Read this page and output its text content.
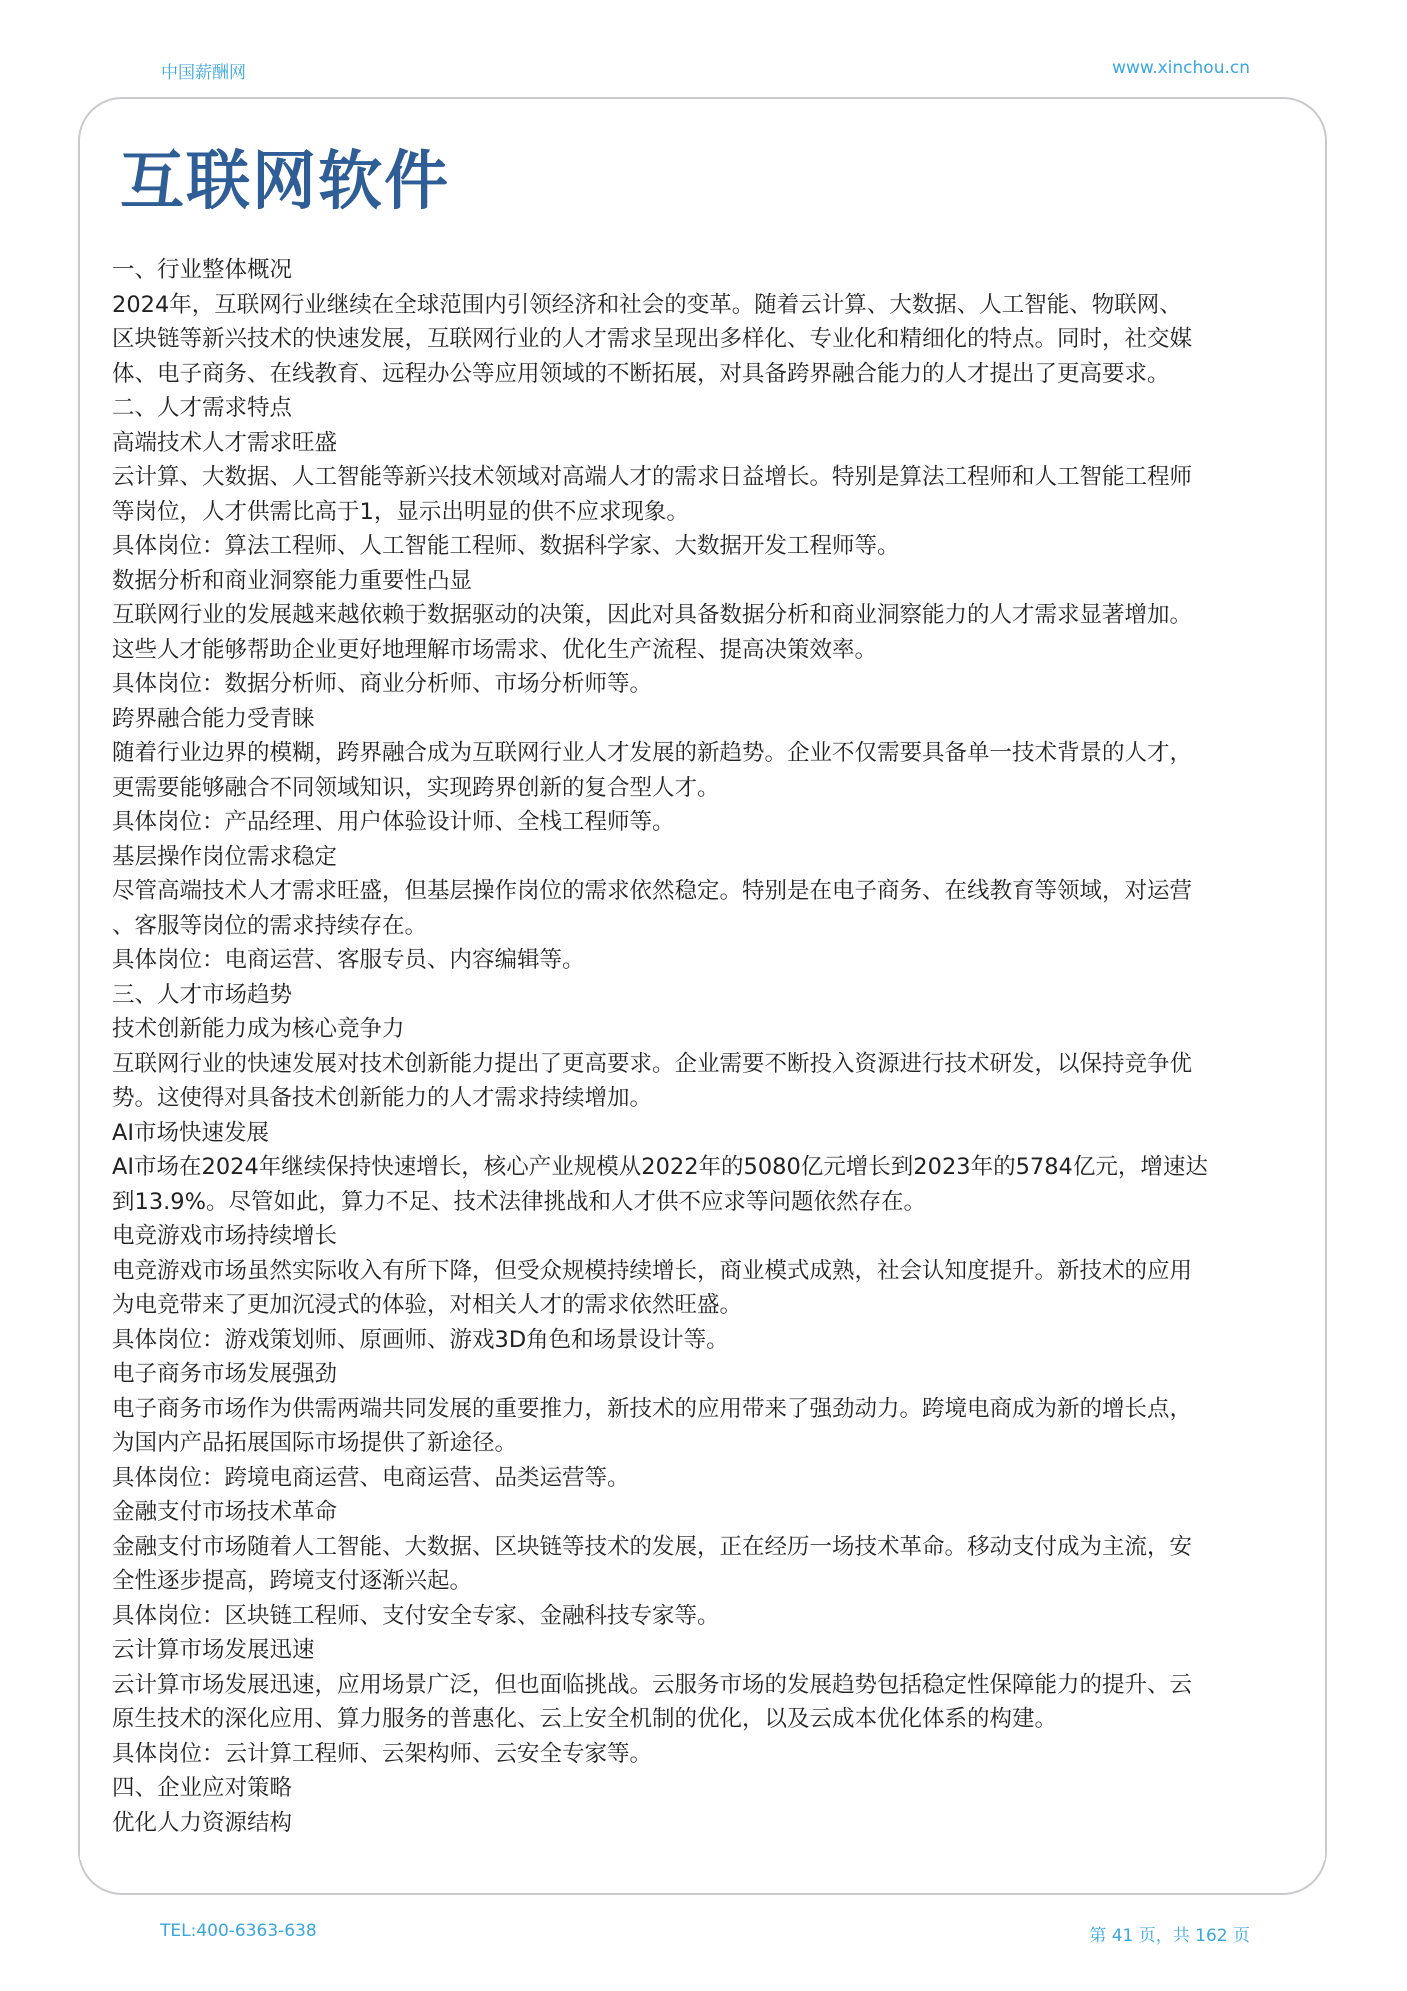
中国薪酬网	www.xinchou.cn
互联网软件

一、行业整体概况

2024年，互联网行业继续在全球范围内引领经济和社会的变革。随着云计算、大数据、人工智能、物联网、

区块链等新兴技术的快速发展，互联网行业的人才需求呈现出多样化、专业化和精细化的特点。同时，社交媒

体、电子商务、在线教育、远程办公等应用领域的不断拓展，对具备跨界融合能力的人才提出了更高要求。

二、人才需求特点

高端技术人才需求旺盛

云计算、大数据、人工智能等新兴技术领域对高端人才的需求日益增长。特别是算法工程师和人工智能工程师

等岗位，人才供需比高于1，显示出明显的供不应求现象。

具体岗位：算法工程师、人工智能工程师、数据科学家、大数据开发工程师等。

数据分析和商业洞察能力重要性凸显

互联网行业的发展越来越依赖于数据驱动的决策，因此对具备数据分析和商业洞察能力的人才需求显著增加。

这些人才能够帮助企业更好地理解市场需求、优化生产流程、提高决策效率。

具体岗位：数据分析师、商业分析师、市场分析师等。

跨界融合能力受青睐

随着行业边界的模糊，跨界融合成为互联网行业人才发展的新趋势。企业不仅需要具备单一技术背景的人才，

更需要能够融合不同领域知识，实现跨界创新的复合型人才。

具体岗位：产品经理、用户体验设计师、全栈工程师等。

基层操作岗位需求稳定

尽管高端技术人才需求旺盛，但基层操作岗位的需求依然稳定。特别是在电子商务、在线教育等领域，对运营

、客服等岗位的需求持续存在。

具体岗位：电商运营、客服专员、内容编辑等。

三、人才市场趋势

技术创新能力成为核心竞争力

互联网行业的快速发展对技术创新能力提出了更高要求。企业需要不断投入资源进行技术研发，以保持竞争优

势。这使得对具备技术创新能力的人才需求持续增加。

AI市场快速发展

AI市场在2024年继续保持快速增长，核心产业规模从2022年的5080亿元增长到2023年的5784亿元，增速达

到13.9%。尽管如此，算力不足、技术法律挑战和人才供不应求等问题依然存在。

电竞游戏市场持续增长

电竞游戏市场虽然实际收入有所下降，但受众规模持续增长，商业模式成熟，社会认知度提升。新技术的应用

为电竞带来了更加沉浸式的体验，对相关人才的需求依然旺盛。

具体岗位：游戏策划师、原画师、游戏3D角色和场景设计等。

电子商务市场发展强劲

电子商务市场作为供需两端共同发展的重要推力，新技术的应用带来了强劲动力。跨境电商成为新的增长点，

为国内产品拓展国际市场提供了新途径。

具体岗位：跨境电商运营、电商运营、品类运营等。

金融支付市场技术革命

金融支付市场随着人工智能、大数据、区块链等技术的发展，正在经历一场技术革命。移动支付成为主流，安

全性逐步提高，跨境支付逐渐兴起。

具体岗位：区块链工程师、支付安全专家、金融科技专家等。

云计算市场发展迅速

云计算市场发展迅速，应用场景广泛，但也面临挑战。云服务市场的发展趋势包括稳定性保障能力的提升、云

原生技术的深化应用、算力服务的普惠化、云上安全机制的优化，以及云成本优化体系的构建。

具体岗位：云计算工程师、云架构师、云安全专家等。

四、企业应对策略

优化人力资源结构

TEL:400-6363-638	第 41 页，共 162 页
